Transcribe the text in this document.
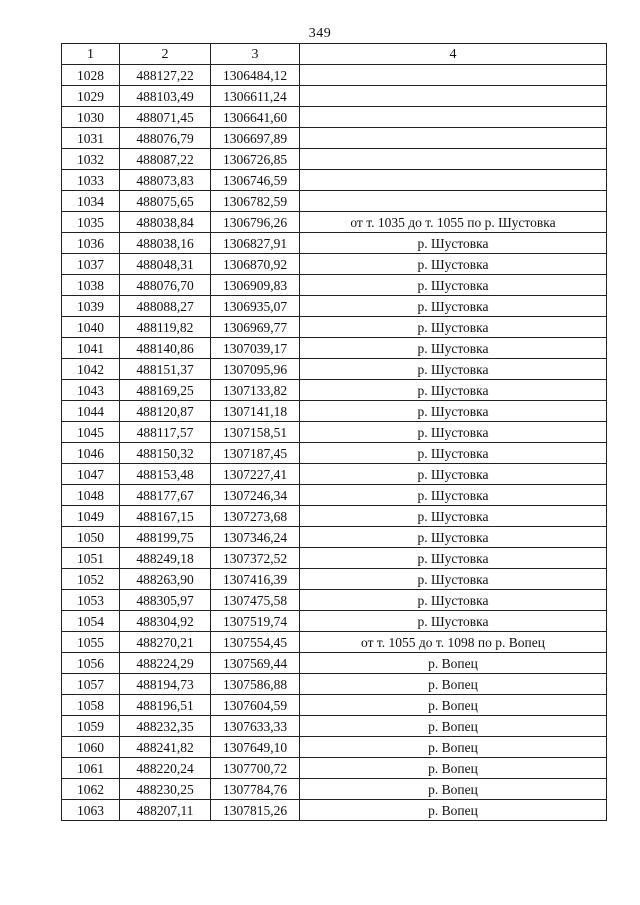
349
1	2	3	4
1028	488127,22	1306484,12	
1029	488103,49	1306611,24	
1030	488071,45	1306641,60	
1031	488076,79	1306697,89	
1032	488087,22	1306726,85	
1033	488073,83	1306746,59	
1034	488075,65	1306782,59	
1035	488038,84	1306796,26	от т. 1035 до т. 1055 по р. Шустовка
1036	488038,16	1306827,91	р. Шустовка
1037	488048,31	1306870,92	р. Шустовка
1038	488076,70	1306909,83	р. Шустовка
1039	488088,27	1306935,07	р. Шустовка
1040	488119,82	1306969,77	р. Шустовка
1041	488140,86	1307039,17	р. Шустовка
1042	488151,37	1307095,96	р. Шустовка
1043	488169,25	1307133,82	р. Шустовка
1044	488120,87	1307141,18	р. Шустовка
1045	488117,57	1307158,51	р. Шустовка
1046	488150,32	1307187,45	р. Шустовка
1047	488153,48	1307227,41	р. Шустовка
1048	488177,67	1307246,34	р. Шустовка
1049	488167,15	1307273,68	р. Шустовка
1050	488199,75	1307346,24	р. Шустовка
1051	488249,18	1307372,52	р. Шустовка
1052	488263,90	1307416,39	р. Шустовка
1053	488305,97	1307475,58	р. Шустовка
1054	488304,92	1307519,74	р. Шустовка
1055	488270,21	1307554,45	от т. 1055 до т. 1098 по р. Вопец
1056	488224,29	1307569,44	р. Вопец
1057	488194,73	1307586,88	р. Вопец
1058	488196,51	1307604,59	р. Вопец
1059	488232,35	1307633,33	р. Вопец
1060	488241,82	1307649,10	р. Вопец
1061	488220,24	1307700,72	р. Вопец
1062	488230,25	1307784,76	р. Вопец
1063	488207,11	1307815,26	р. Вопец
